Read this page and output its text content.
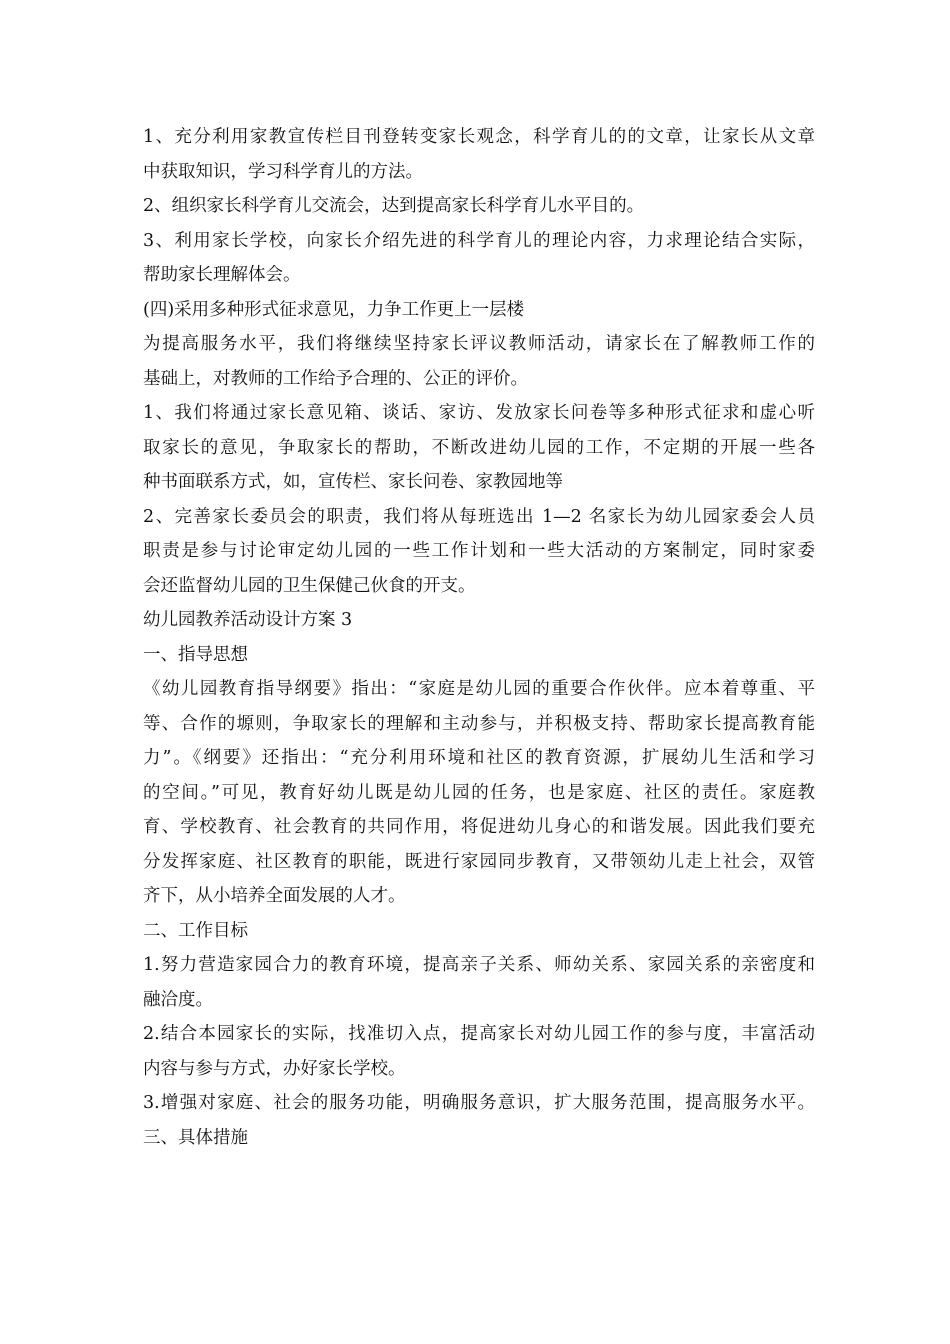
1、充分利用家教宣传栏目刊登转变家长观念，科学育儿的的文章，让家长从文章

中获取知识，学习科学育儿的方法。

2、组织家长科学育儿交流会，达到提高家长科学育儿水平目的。

3、利用家长学校，向家长介绍先进的科学育儿的理论内容，力求理论结合实际，

帮助家长理解体会。

(四)采用多种形式征求意见，力争工作更上一层楼

为提高服务水平，我们将继续坚持家长评议教师活动，请家长在了解教师工作的

基础上，对教师的工作给予合理的、公正的评价。

1、我们将通过家长意见箱、谈话、家访、发放家长问卷等多种形式征求和虚心听

取家长的意见，争取家长的帮助，不断改进幼儿园的工作，不定期的开展一些各

种书面联系方式，如，宣传栏、家长问卷、家教园地等

2、完善家长委员会的职责，我们将从每班选出 1—2 名家长为幼儿园家委会人员

职责是参与讨论审定幼儿园的一些工作计划和一些大活动的方案制定，同时家委

会还监督幼儿园的卫生保健己伙食的开支。

幼儿园教养活动设计方案 3

一、指导思想

《幼儿园教育指导纲要》指出：“家庭是幼儿园的重要合作伙伴。应本着尊重、平

等、合作的塬则，争取家长的理解和主动参与，并积极支持、帮助家长提高教育能

力”。《纲要》还指出：“充分利用环境和社区的教育资源，扩展幼儿生活和学习

的空间。”可见，教育好幼儿既是幼儿园的任务，也是家庭、社区的责任。家庭教

育、学校教育、社会教育的共同作用，将促进幼儿身心的和谐发展。因此我们要充

分发挥家庭、社区教育的职能，既进行家园同步教育，又带领幼儿走上社会，双管

齐下，从小培养全面发展的人才。

二、工作目标

1.努力营造家园合力的教育环境，提高亲子关系、师幼关系、家园关系的亲密度和

融洽度。

2.结合本园家长的实际，找准切入点，提高家长对幼儿园工作的参与度，丰富活动

内容与参与方式，办好家长学校。

3.增强对家庭、社会的服务功能，明确服务意识，扩大服务范围，提高服务水平。

三、具体措施
